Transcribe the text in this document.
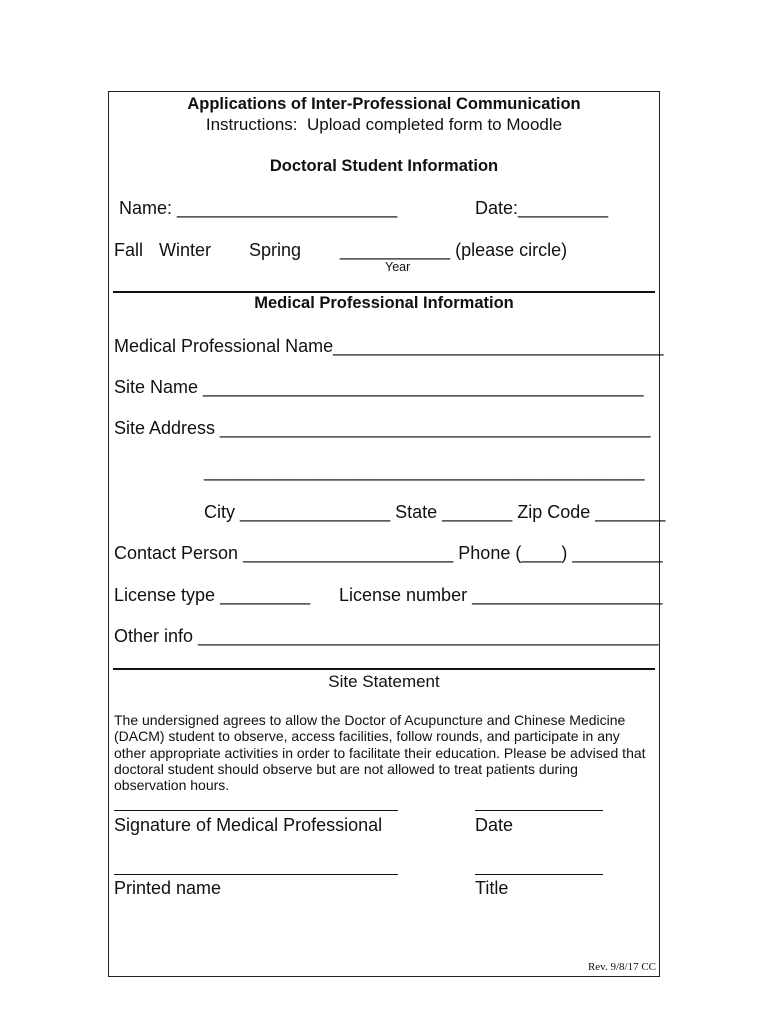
Applications of Inter-Professional Communication
Instructions:  Upload completed form to Moodle
Doctoral Student Information
Name: ______________________	Date:_________
Fall Winter Spring ___________ (please circle)
Year
Medical Professional Information
Medical Professional Name_________________________________
Site Name ____________________________________________
Site Address ___________________________________________
____________________________________________
City _______________ State _______ Zip Code _______
Contact Person _____________________ Phone (____) _________
License type _________ License number ___________________
Other info ______________________________________________
Site Statement
The undersigned agrees to allow the Doctor of Acupuncture and Chinese Medicine (DACM) student to observe, access facilities, follow rounds, and participate in any other appropriate activities in order to facilitate their education. Please be advised that doctoral student should observe but are not allowed to treat patients during observation hours.
Signature of Medical Professional	Date
Printed name	Title
Rev. 9/8/17 CC
